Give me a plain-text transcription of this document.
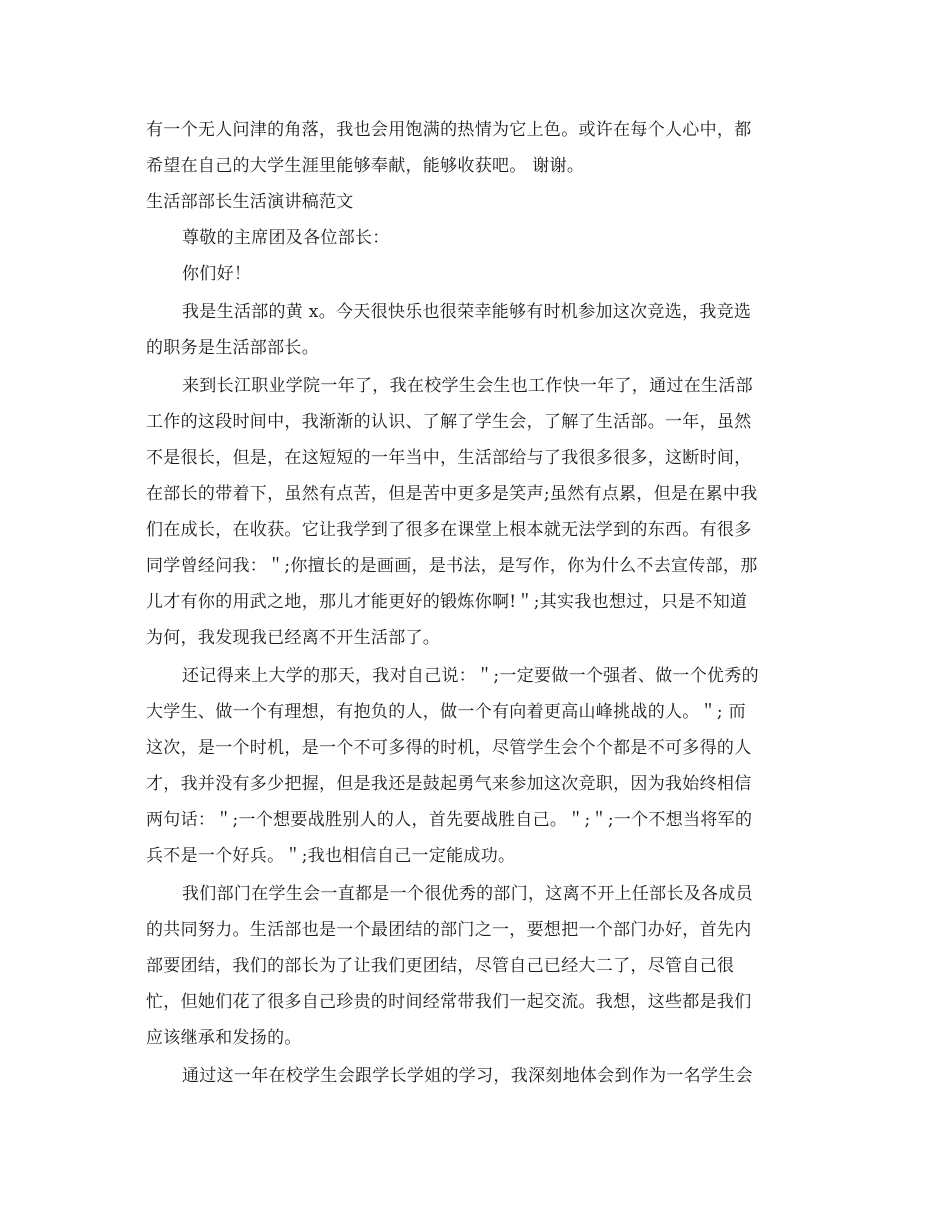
有一个无人问津的角落，我也会用饱满的热情为它上色。或许在每个人心中，都
希望在自己的大学生涯里能够奉献，能够收获吧。 谢谢。
生活部部长生活演讲稿范文
尊敬的主席团及各位部长：
你们好！
我是生活部的黄 x。今天很快乐也很荣幸能够有时机参加这次竞选，我竞选
的职务是生活部部长。
来到长江职业学院一年了，我在校学生会生也工作快一年了，通过在生活部
工作的这段时间中，我渐渐的认识、了解了学生会，了解了生活部。一年，虽然
不是很长，但是，在这短短的一年当中，生活部给与了我很多很多，这断时间，
在部长的带着下，虽然有点苦，但是苦中更多是笑声;虽然有点累，但是在累中我
们在成长，在收获。它让我学到了很多在课堂上根本就无法学到的东西。有很多
同学曾经问我：＂;你擅长的是画画，是书法，是写作，你为什么不去宣传部，那
儿才有你的用武之地，那儿才能更好的锻炼你啊!＂;其实我也想过，只是不知道
为何，我发现我已经离不开生活部了。
还记得来上大学的那天，我对自己说：＂;一定要做一个强者、做一个优秀的
大学生、做一个有理想，有抱负的人，做一个有向着更高山峰挑战的人。＂; 而
这次，是一个时机，是一个不可多得的时机，尽管学生会个个都是不可多得的人
才，我并没有多少把握，但是我还是鼓起勇气来参加这次竞职，因为我始终相信
两句话：＂;一个想要战胜别人的人，首先要战胜自己。＂;＂;一个不想当将军的
兵不是一个好兵。＂;我也相信自己一定能成功。
我们部门在学生会一直都是一个很优秀的部门，这离不开上任部长及各成员
的共同努力。生活部也是一个最团结的部门之一，要想把一个部门办好，首先内
部要团结，我们的部长为了让我们更团结，尽管自己已经大二了，尽管自己很
忙，但她们花了很多自己珍贵的时间经常带我们一起交流。我想，这些都是我们
应该继承和发扬的。
通过这一年在校学生会跟学长学姐的学习，我深刻地体会到作为一名学生会
